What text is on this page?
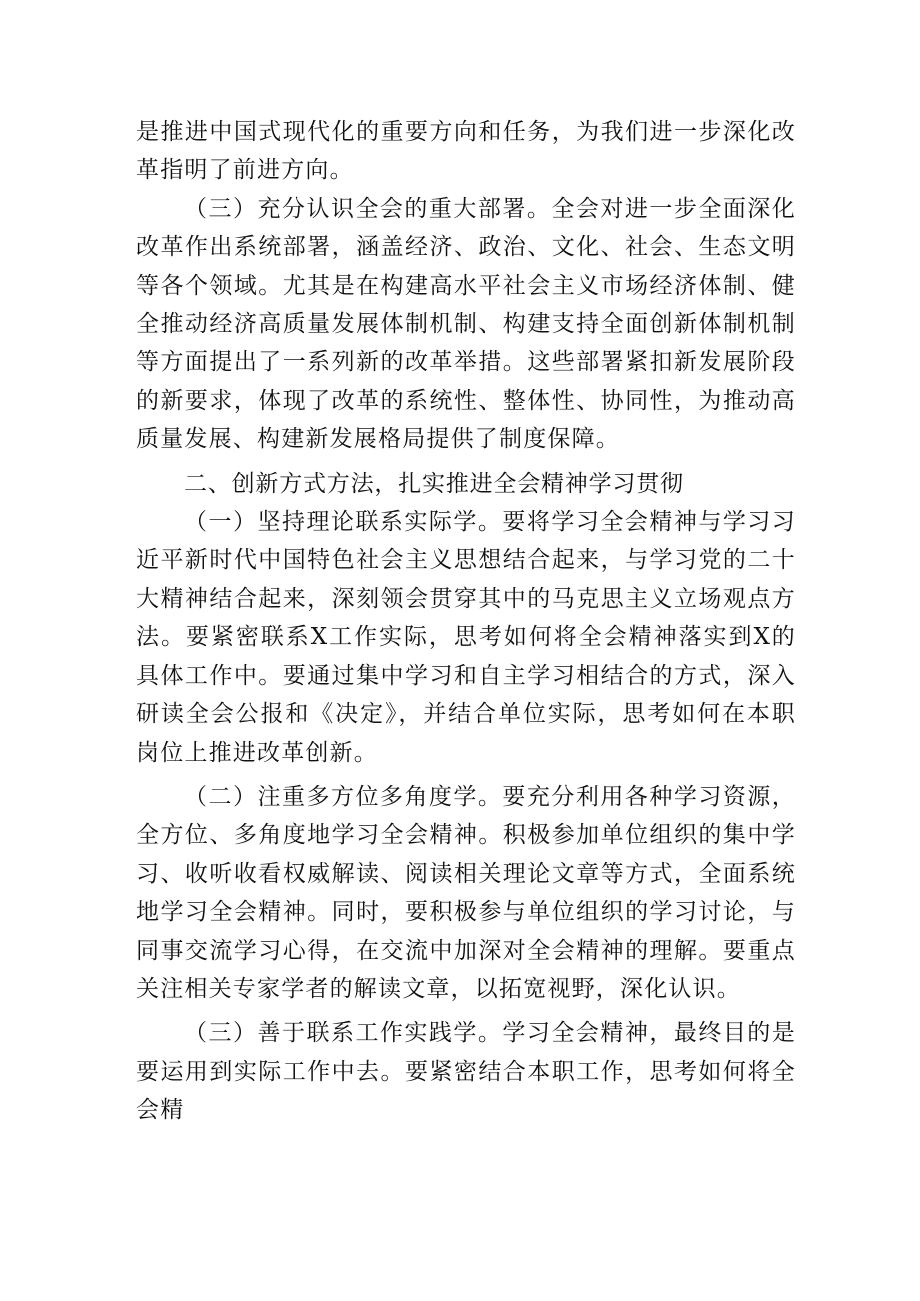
是推进中国式现代化的重要方向和任务，为我们进一步深化改革指明了前进方向。

（三）充分认识全会的重大部署。全会对进一步全面深化改革作出系统部署，涵盖经济、政治、文化、社会、生态文明等各个领域。尤其是在构建高水平社会主义市场经济体制、健全推动经济高质量发展体制机制、构建支持全面创新体制机制等方面提出了一系列新的改革举措。这些部署紧扣新发展阶段的新要求，体现了改革的系统性、整体性、协同性，为推动高质量发展、构建新发展格局提供了制度保障。

二、创新方式方法，扎实推进全会精神学习贯彻

（一）坚持理论联系实际学。要将学习全会精神与学习习近平新时代中国特色社会主义思想结合起来，与学习党的二十大精神结合起来，深刻领会贯穿其中的马克思主义立场观点方法。要紧密联系X工作实际，思考如何将全会精神落实到X的具体工作中。要通过集中学习和自主学习相结合的方式，深入研读全会公报和《决定》，并结合单位实际，思考如何在本职岗位上推进改革创新。

（二）注重多方位多角度学。要充分利用各种学习资源，全方位、多角度地学习全会精神。积极参加单位组织的集中学习、收听收看权威解读、阅读相关理论文章等方式，全面系统地学习全会精神。同时，要积极参与单位组织的学习讨论，与同事交流学习心得，在交流中加深对全会精神的理解。要重点关注相关专家学者的解读文章，以拓宽视野，深化认识。

（三）善于联系工作实践学。学习全会精神，最终目的是要运用到实际工作中去。要紧密结合本职工作，思考如何将全会精
